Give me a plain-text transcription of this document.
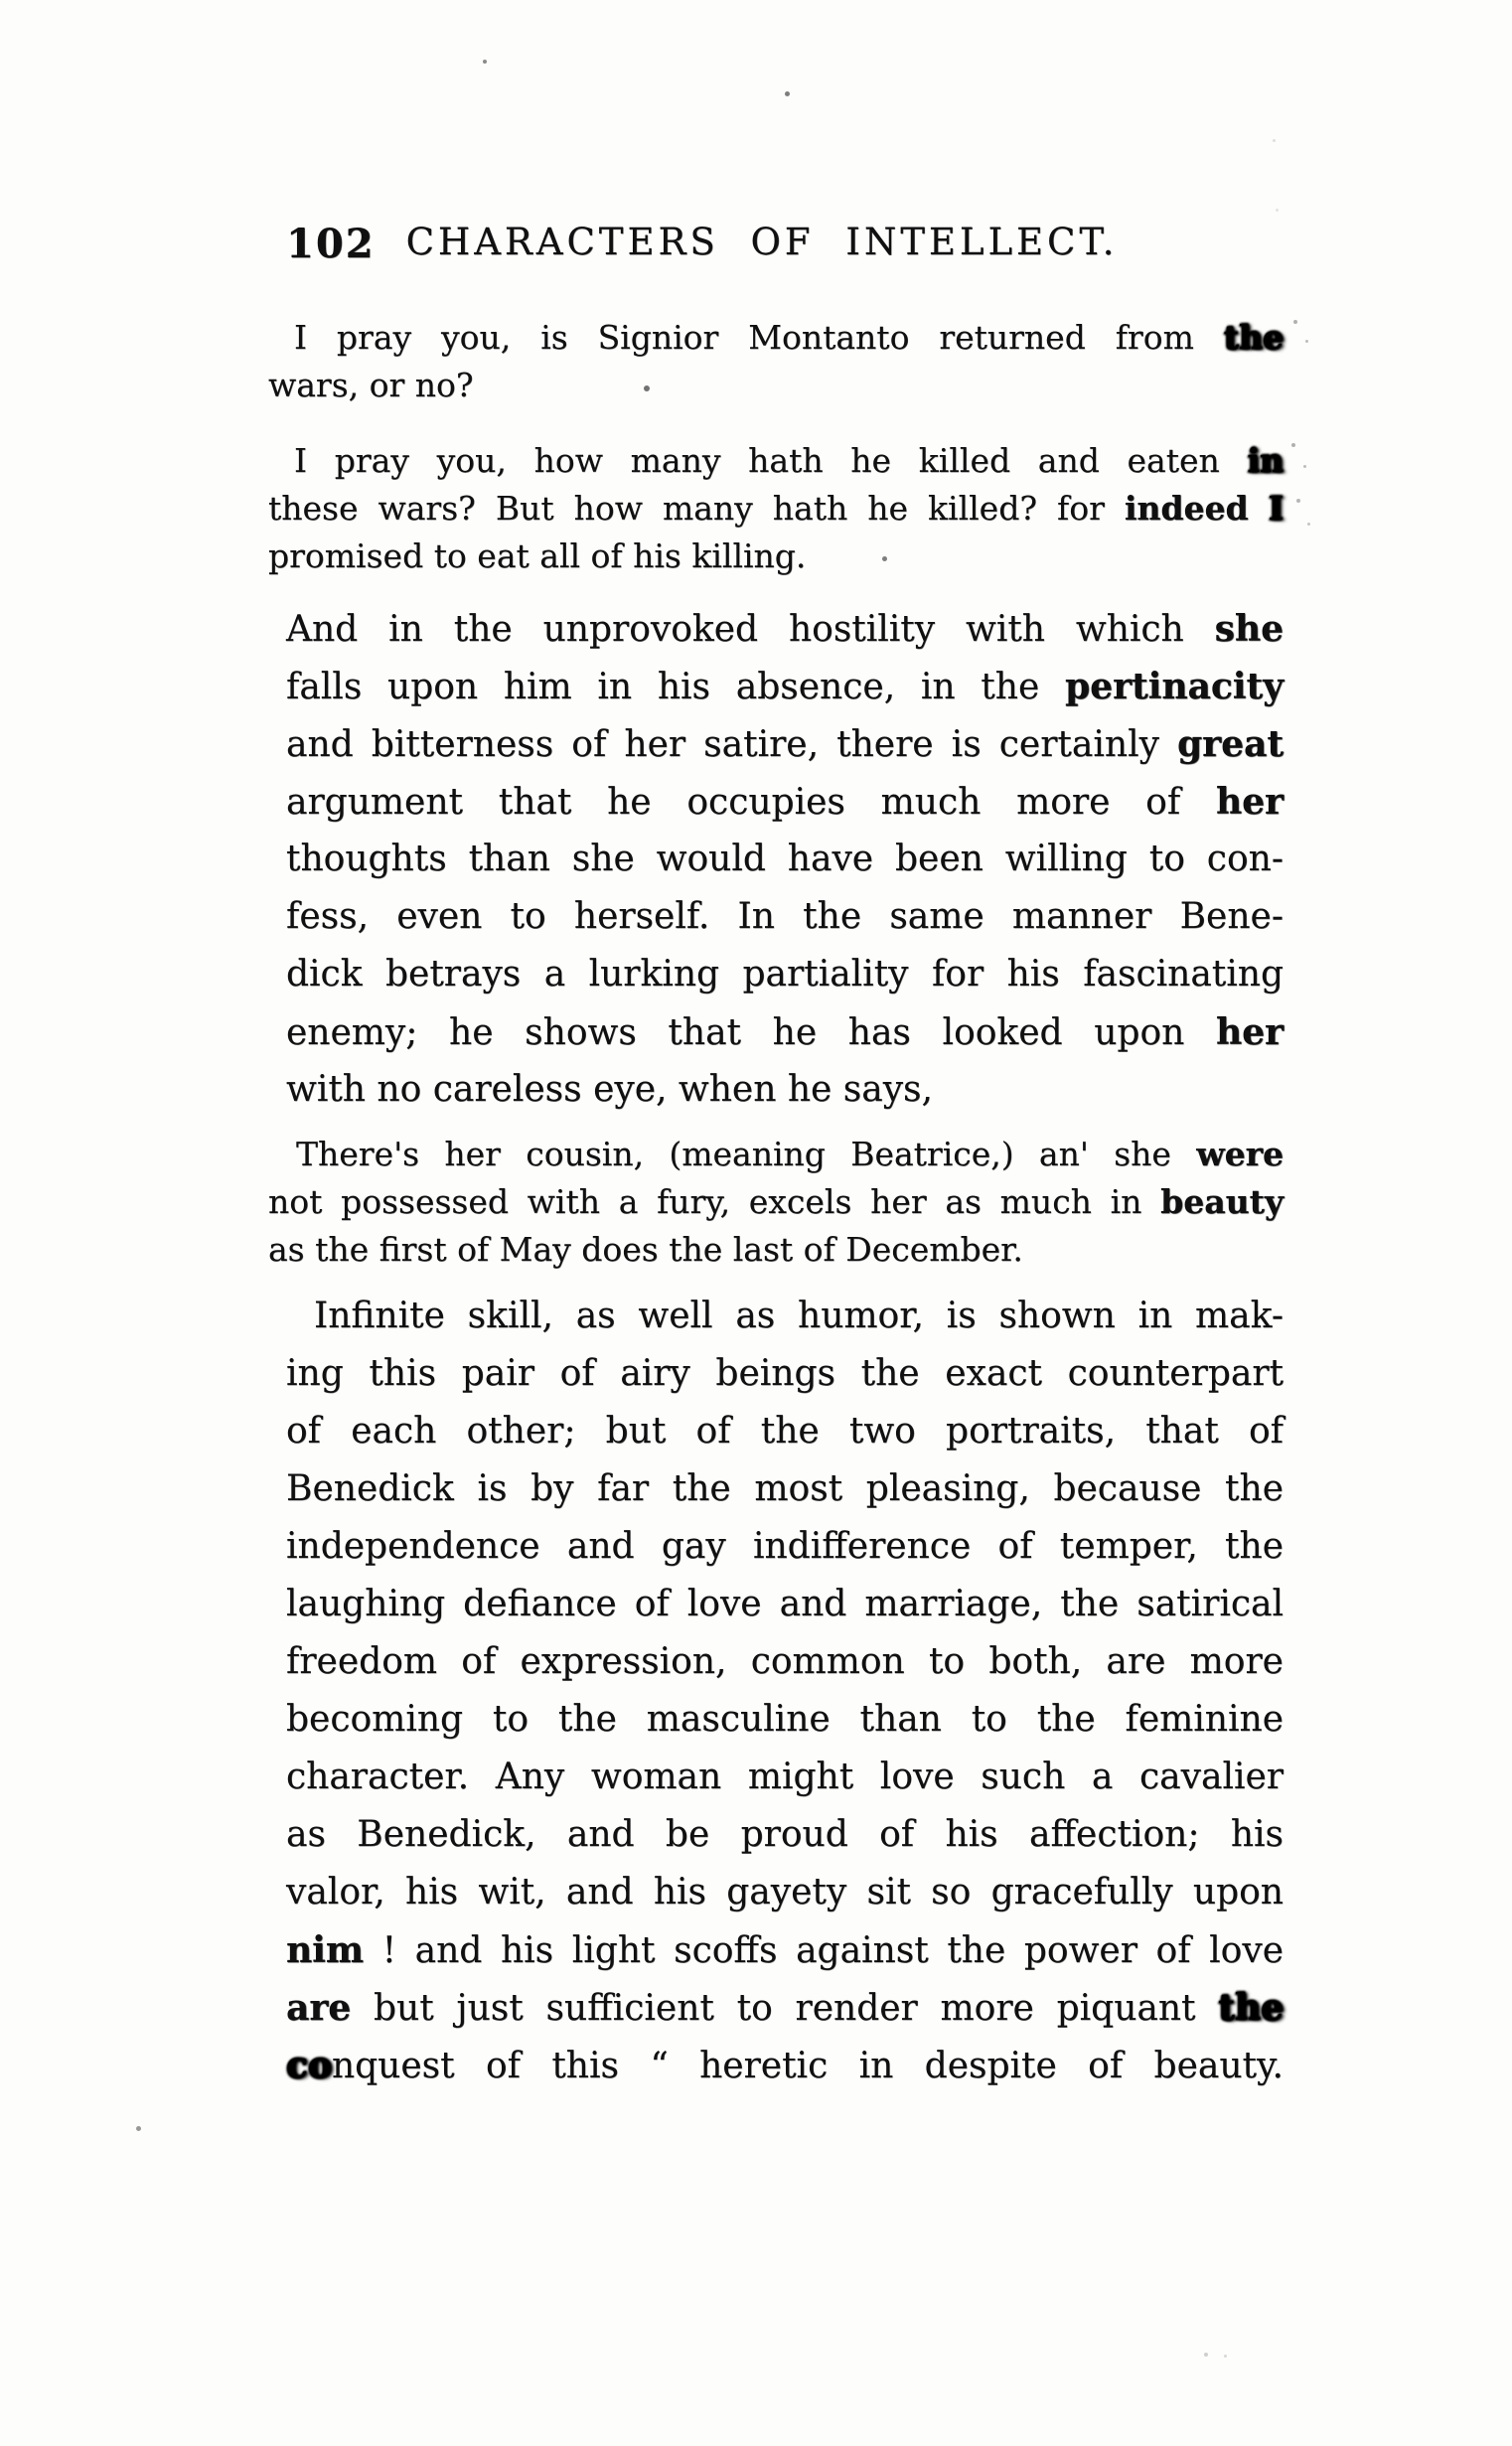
102 CHARACTERS OF INTELLECT.
I pray you, is Signior Montanto returned from the
wars, or no?
I pray you, how many hath he killed and eaten in
these wars? But how many hath he killed? for indeed I
promised to eat all of his killing.
And in the unprovoked hostility with which she
falls upon him in his absence, in the pertinacity
and bitterness of her satire, there is certainly great
argument that he occupies much more of her
thoughts than she would have been willing to con-
fess, even to herself. In the same manner Bene-
dick betrays a lurking partiality for his fascinating
enemy; he shows that he has looked upon her
with no careless eye, when he says,
There's her cousin, (meaning Beatrice,) an' she were
not possessed with a fury, excels her as much in beauty
as the first of May does the last of December.
Infinite skill, as well as humor, is shown in mak-
ing this pair of airy beings the exact counterpart
of each other; but of the two portraits, that of
Benedick is by far the most pleasing, because the
independence and gay indifference of temper, the
laughing defiance of love and marriage, the satirical
freedom of expression, common to both, are more
becoming to the masculine than to the feminine
character. Any woman might love such a cavalier
as Benedick, and be proud of his affection; his
valor, his wit, and his gayety sit so gracefully upon
nim ! and his light scoffs against the power of love
are but just sufficient to render more piquant the
conquest of this “ heretic in despite of beauty.
